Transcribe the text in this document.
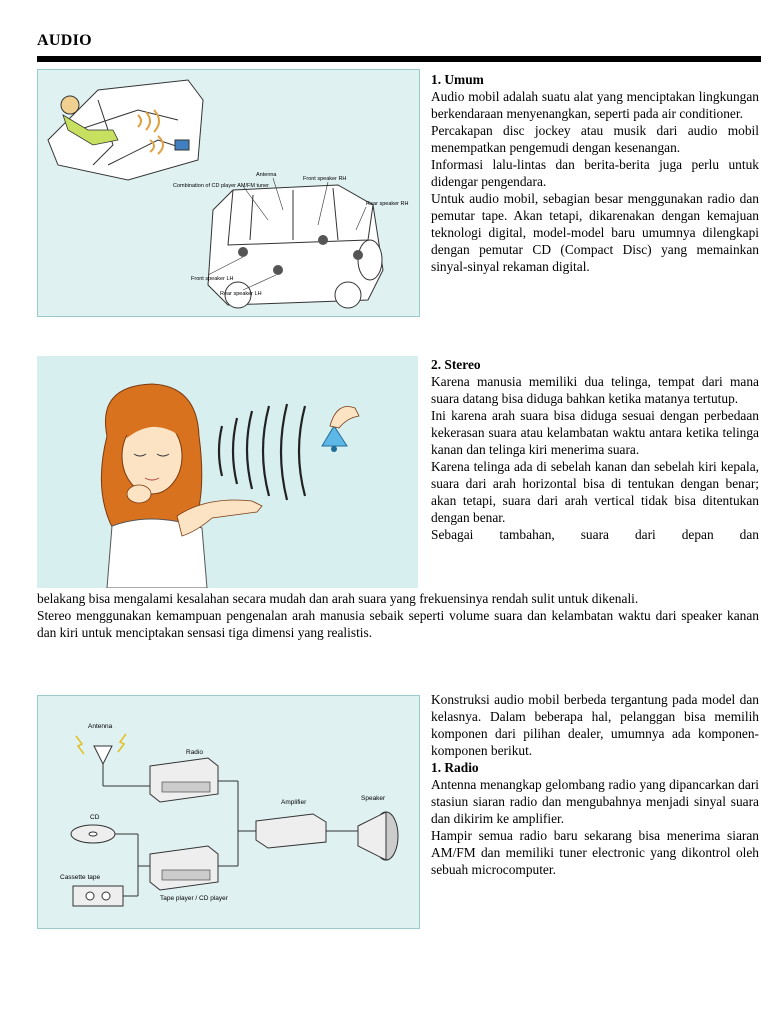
AUDIO
Antenna
Combination of CD player AM/FM tuner
Front speaker RH
Rear speaker RH
Front speaker LH
Rear speaker LH

1. Umum

Audio mobil adalah suatu alat yang menciptakan lingkungan berkendaraan menyenangkan, seperti pada air conditioner.

Percakapan disc jockey atau musik dari audio mobil menempatkan pengemudi dengan kesenangan.

Informasi lalu-lintas dan berita-berita juga perlu untuk didengar pengendara.

Untuk audio mobil, sebagian besar menggunakan radio dan pemutar tape. Akan tetapi, dikarenakan dengan kemajuan teknologi digital, model-model baru umumnya dilengkapi dengan pemutar CD (Compact Disc) yang memainkan sinyal-sinyal rekaman digital.

2. Stereo

Karena manusia memiliki dua telinga, tempat dari mana suara datang bisa diduga bahkan ketika matanya tertutup.

Ini karena arah suara bisa diduga sesuai dengan perbedaan kekerasan suara atau kelambatan waktu antara ketika telinga kanan dan telinga kiri menerima suara.

Karena telinga ada di sebelah kanan dan sebelah kiri kepala, suara dari arah horizontal bisa di tentukan dengan benar; akan tetapi, suara dari arah vertical tidak bisa ditentukan dengan benar.

Sebagai tambahan, suara dari depan dan

belakang bisa mengalami kesalahan secara mudah dan arah suara yang frekuensinya rendah sulit untuk dikenali.

Stereo menggunakan kemampuan pengenalan arah manusia sebaik seperti volume suara dan kelambatan waktu dari speaker kanan dan kiri untuk menciptakan sensasi tiga dimensi yang realistis.

Antenna
Radio
Amplifier
Speaker
CD
Cassette tape
Tape player / CD player

Konstruksi audio mobil berbeda tergantung pada model dan kelasnya. Dalam beberapa hal, pelanggan bisa memilih komponen dari pilihan dealer, umumnya ada komponen-komponen berikut.

1. Radio

Antenna menangkap gelombang radio yang dipancarkan dari stasiun siaran radio dan mengubahnya menjadi sinyal suara dan dikirim ke amplifier.

Hampir semua radio baru sekarang bisa menerima siaran AM/FM dan memiliki tuner electronic yang dikontrol oleh sebuah microcomputer.
